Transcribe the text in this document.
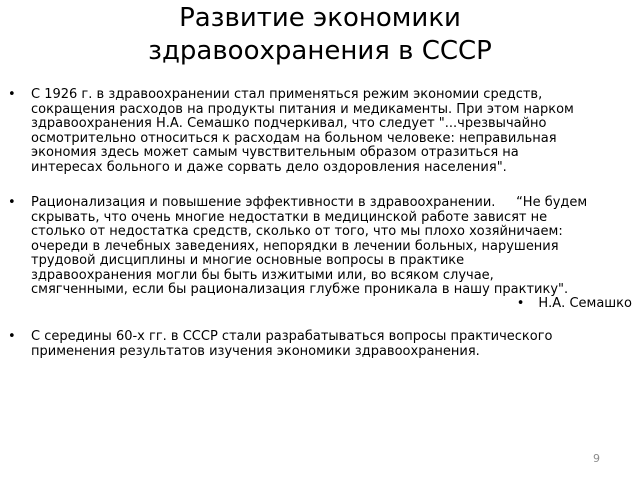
Развитие экономики
здравоохранения в СССР
• С 1926 г. в здравоохранении стал применяться режим экономии средств,
сокращения расходов на продукты питания и медикаменты. При этом нарком
здравоохранения Н.А. Семашко подчеркивал, что следует "...чрезвычайно
осмотрительно относиться к расходам на больном человеке: неправильная
экономия здесь может самым чувствительным образом отразиться на
интересах больного и даже сорвать дело оздоровления населения".
• Рационализация и повышение эффективности в здравоохранении.     “Не будем
скрывать, что очень многие недостатки в медицинской работе зависят не
столько от недостатка средств, сколько от того, что мы плохо хозяйничаем:
очереди в лечебных заведениях, непорядки в лечении больных, нарушения
трудовой дисциплины и многие основные вопросы в практике
здравоохранения могли бы быть изжитыми или, во всяком случае,
смягченными, если бы рационализация глубже проникала в нашу практику".
• Н.А. Семашко
• С середины 60-х гг. в СССР стали разрабатываться вопросы практического
применения результатов изучения экономики здравоохранения.
9
